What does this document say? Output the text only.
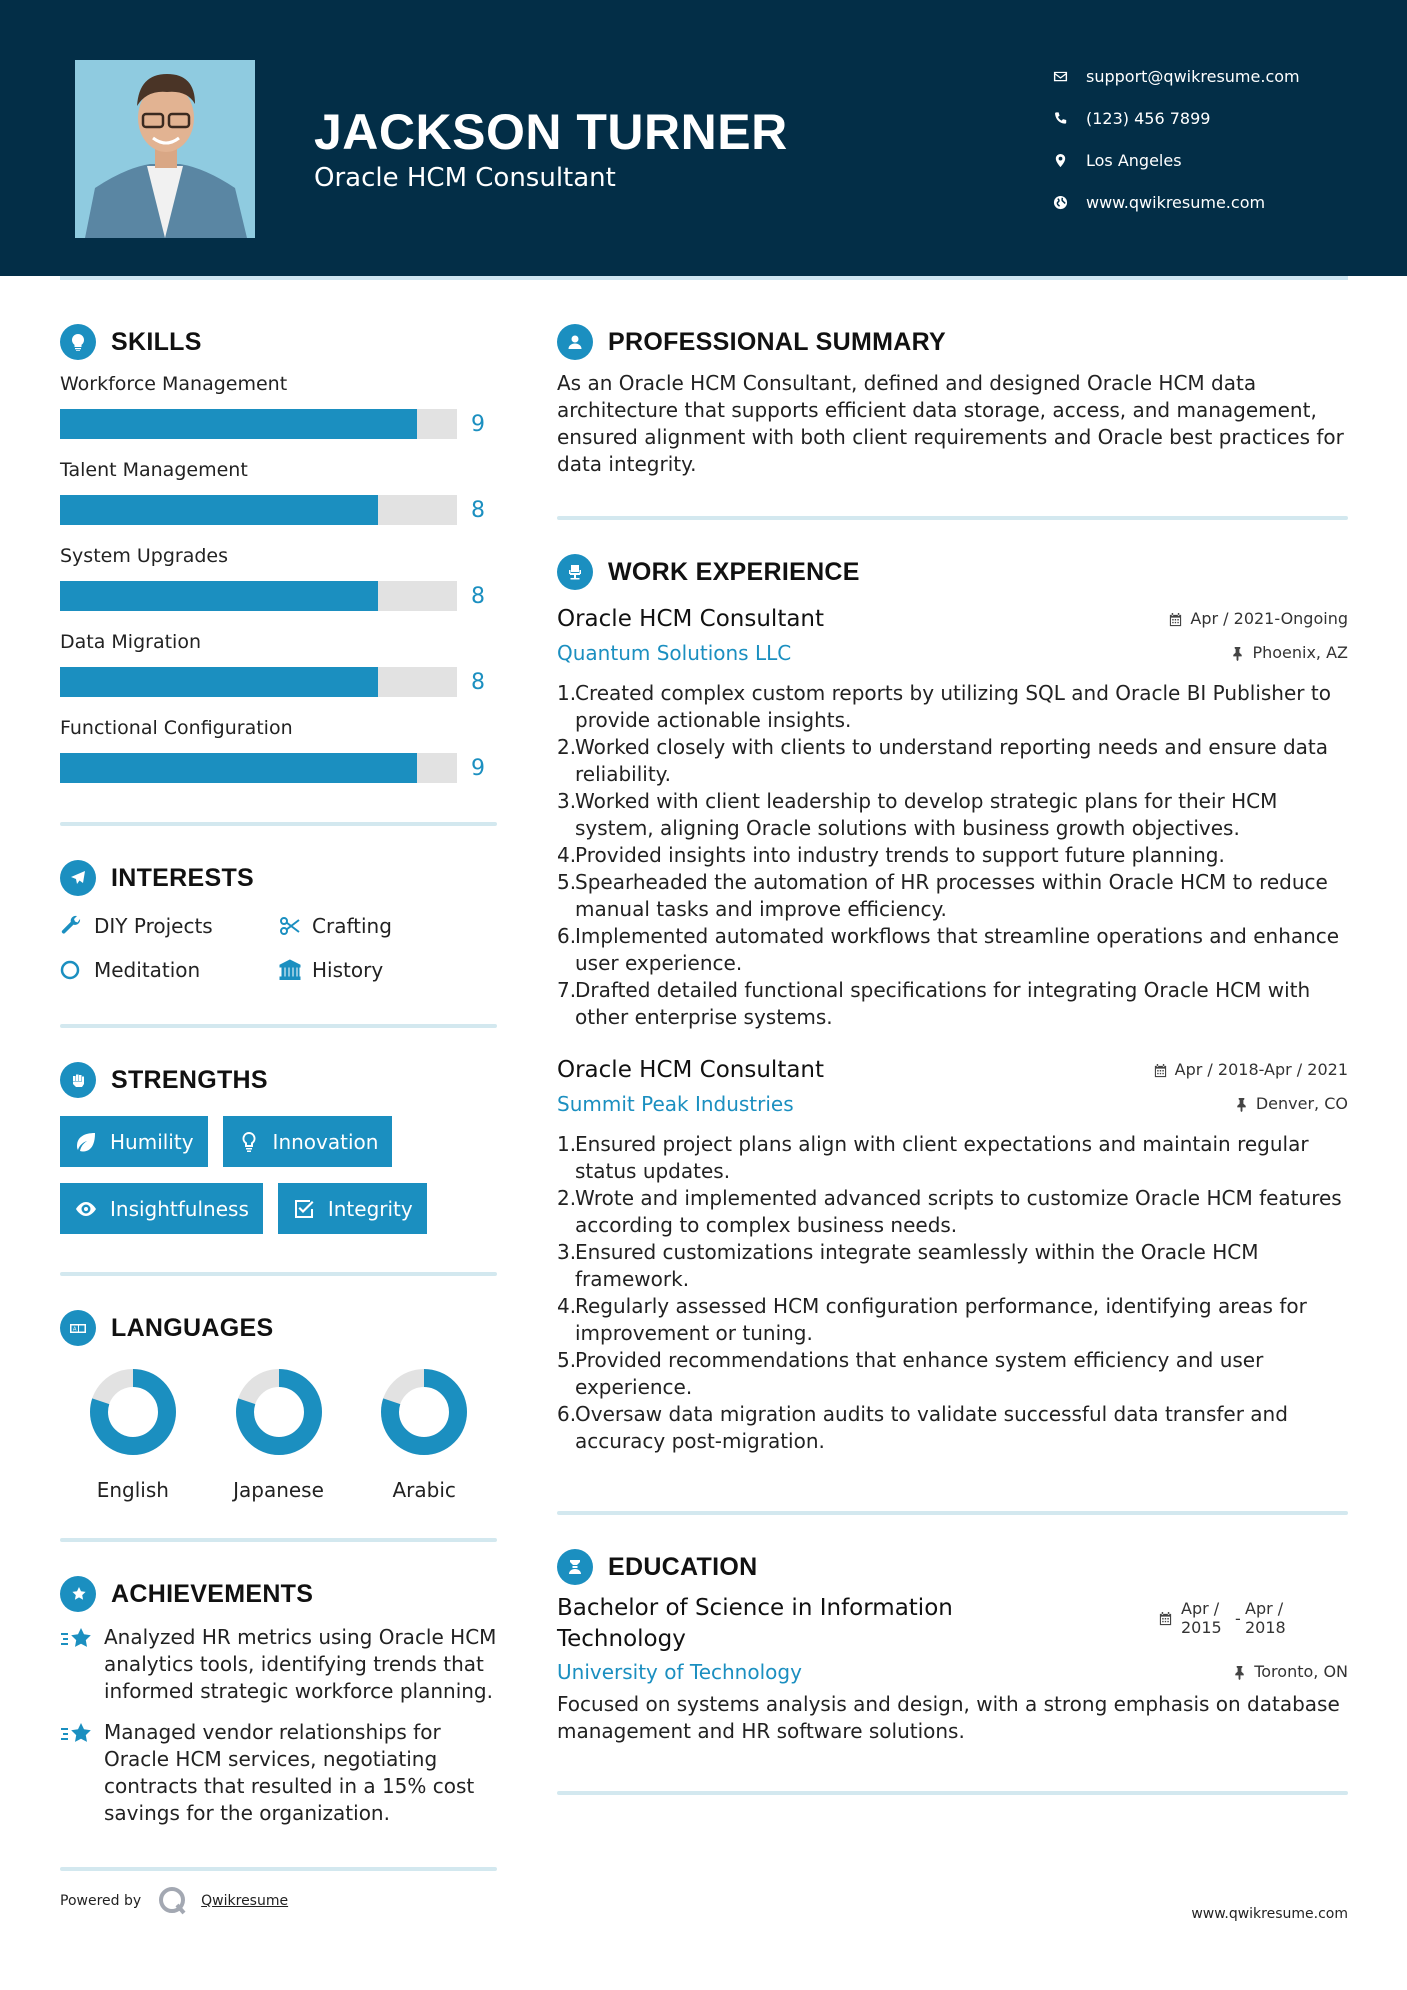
JACKSON TURNER
Oracle HCM Consultant
support@qwikresume.com
(123) 456 7899
Los Angeles
www.qwikresume.com
SKILLS
Workforce Management
9
Talent Management
8
System Upgrades
8
Data Migration
8
Functional Configuration
9
INTERESTS
DIY Projects	Crafting
Meditation	History
STRENGTHS
Humility	Innovation
Insightfulness	Integrity
A LANGUAGES
English	Japanese	Arabic
ACHIEVEMENTS
Analyzed HR metrics using Oracle HCM analytics tools, identifying trends that informed strategic workforce planning.
Managed vendor relationships for Oracle HCM services, negotiating contracts that resulted in a 15% cost savings for the organization.
Powered by	Qwikresume
PROFESSIONAL SUMMARY

As an Oracle HCM Consultant, defined and designed Oracle HCM data architecture that supports efficient data storage, access, and management, ensured alignment with both client requirements and Oracle best practices for data integrity.

WORK EXPERIENCE
Oracle HCM Consultant	Apr / 2021-Ongoing
Quantum Solutions LLC	Phoenix, AZ
1.
Created complex custom reports by utilizing SQL and Oracle BI Publisher to provide actionable insights.
2.
Worked closely with clients to understand reporting needs and ensure data reliability.
3.
Worked with client leadership to develop strategic plans for their HCM system, aligning Oracle solutions with business growth objectives.
4.
Provided insights into industry trends to support future planning.
5.
Spearheaded the automation of HR processes within Oracle HCM to reduce manual tasks and improve efficiency.
6.
Implemented automated workflows that streamline operations and enhance user experience.
7.
Drafted detailed functional specifications for integrating Oracle HCM with other enterprise systems.
Oracle HCM Consultant	Apr / 2018-Apr / 2021
Summit Peak Industries	Denver, CO
1.
Ensured project plans align with client expectations and maintain regular status updates.
2.
Wrote and implemented advanced scripts to customize Oracle HCM features according to complex business needs.
3.
Ensured customizations integrate seamlessly within the Oracle HCM framework.
4.
Regularly assessed HCM configuration performance, identifying areas for improvement or tuning.
5.
Provided recommendations that enhance system efficiency and user experience.
6.
Oversaw data migration audits to validate successful data transfer and accuracy post-migration.
EDUCATION
Bachelor of Science in Information Technology
Apr / 2015 -
Apr / 2018
University of Technology	Toronto, ON

Focused on systems analysis and design, with a strong emphasis on database management and HR software solutions.

www.qwikresume.com
